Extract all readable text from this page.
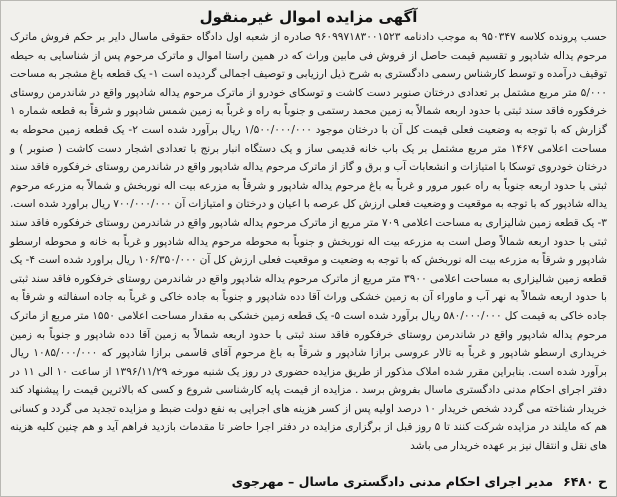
آگهی مزایده اموال غیرمنقول

حسب پرونده کلاسه ۹۵۰۳۴۷ به موجب دادنامه ۹۶۰۹۹۷۱۸۳۰۰۱۵۲۳ صادره از شعبه اول دادگاه حقوقی ماسال دایر بر حکم فروش ماترک مرحوم یداله شادپور و تقسیم قیمت حاصل از فروش فی مابین وراث که در همین راستا اموال و ماترک مرحوم پس از شناسایی به حیطه توقیف درآمده و توسط کارشناس رسمی دادگستری به شرح ذیل ارزیابی و توصیف اجمالی گردیده است ۱- یک قطعه باغ مشجر به مساحت ۵/۰۰۰ متر مربع مشتمل بر تعدادی درختان صنوبر دست کاشت و توسکای خودرو از ماترک مرحوم یداله شادپور واقع در شاندرمن روستای خرفکوره فاقد سند ثبتی با حدود اربعه شمالاً به زمین محمد رستمی و جنوباً به راه و غرباً به زمین شمس شادپور و شرقاً به قطعه شماره ۱ گزارش که با توجه به وضعیت فعلی قیمت کل آن با درختان موجود ۱/۵۰۰/۰۰۰/۰۰۰ ریال برآورد شده است ۲- یک قطعه زمین محوطه به مساحت اعلامی ۱۴۶۷ متر مربع مشتمل بر یک باب خانه قدیمی ساز و یک دستگاه انبار برنج با تعدادی اشجار دست کاشت ( صنوبر ) و درختان خودروی توسکا با امتیازات و انشعابات آب و برق و گاز از ماترک مرحوم یداله شادپور واقع در شاندرمن روستای خرفکوره فاقد سند ثبتی با حدود اربعه جنوباً به راه عبور مرور و غرباً به باغ مرحوم یداله شادپور و شرقاً به مزرعه بیت اله نوربخش و شمالاً به مزرعه مرحوم یداله شادپور که با توجه به موقعیت و وضعیت فعلی ارزش کل عرصه با اعیان و درختان و امتیازات آن ۷۰۰/۰۰۰/۰۰۰ ریال براورد شده است. ۳- یک قطعه زمین شالیزاری به مساحت اعلامی ۷۰۹ متر مربع از ماترک مرحوم یداله شادپور واقع در شاندرمن روستای خرفکوره فاقد سند ثبتی با حدود اربعه شمالاً وصل است به مزرعه بیت اله نوربخش و جنوباً به محوطه مرحوم یداله شادپور و غرباً به خانه و محوطه ارسطو شادپور و شرقاً به مزرعه بیت اله نوربخش که با توجه به وضعیت و موقعیت فعلی ارزش کل آن ۱۰۶/۳۵۰/۰۰۰ ریال براورد شده است ۴- یک قطعه زمین شالیزاری به مساحت اعلامی ۳۹۰۰ متر مربع از ماترک مرحوم یداله شادپور واقع در شاندرمن روستای خرفکوره فاقد سند ثبتی با حدود اربعه شمالاً به نهر آب و ماوراء آن به زمین خشکی وراث آقا دده شادپور و جنوباً به جاده خاکی و غرباً به جاده اسفالته و شرقاً به جاده خاکی به قیمت کل ۵۸۰/۰۰۰/۰۰۰ ریال برآورد شده است ۵- یک قطعه زمین خشکی به مقدار مساحت اعلامی ۱۵۵۰ متر مربع از ماترک مرحوم یداله شادپور واقع در شاندرمن روستای خرفکوره فاقد سند ثبتی با حدود اربعه شمالاً به زمین آقا دده شادپور و جنوباً به زمین خریداری ارسطو شادپور و غرباً به تالار عروسی برازا شادپور و شرقاً به باغ مرحوم آقای قاسمی برازا شادپور که ۱۰۸۵/۰۰۰/۰۰۰ ریال برآورد شده است. بنابراین مقرر شده املاک مذکور از طریق مزایده حضوری در روز یک شنبه مورخه ۱۳۹۶/۱۱/۲۹ از ساعت ۱۰ الی ۱۱ در دفتر اجرای احکام مدنی دادگستری ماسال بفروش برسد . مزایده از قیمت پایه کارشناسی شروع و کسی که بالاترین قیمت را پیشنهاد کند خریدار شناخته می گردد شخص خریدار ۱۰ درصد اولیه پس از کسر هزینه های اجرایی به نفع دولت ضبط و مزایده تجدید می گردد و کسانی هم که مایلند در مزایده شرکت کنند تا ۵ روز قبل از برگزاری مزایده در دفتر اجرا حاضر تا مقدمات بازدید فراهم آید و هم چنین کلیه هزینه های نقل و انتقال نیز بر عهده خریدار می باشد

ح ۶۴۸۰
مدیر اجرای احکام مدنی دادگستری ماسال – مهرجوی
